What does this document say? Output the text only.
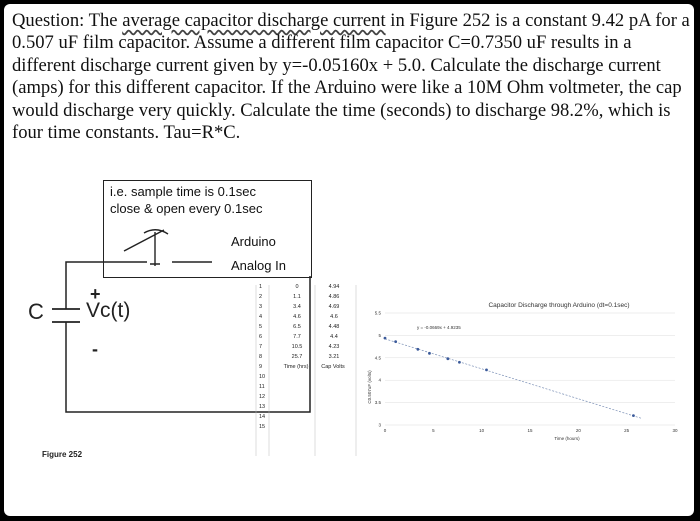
Question: The average capacitor discharge current in Figure 252 is a constant 9.42 pA for a 0.507 uF film capacitor. Assume a different film capacitor C=0.7350 uF results in a different discharge current given by y=-0.05160x + 5.0. Calculate the discharge current (amps) for this different capacitor. If the Arduino were like a 10M Ohm voltmeter, the cap would discharge very quickly. Calculate the time (seconds) to discharge 98.2%, which is four time constants. Tau=R*C.
i.e. sample time is 0.1sec
close & open every 0.1sec
Arduino
Analog In
C Vc(t)
+
-
Figure 252
1	0	4.94
2	1.1	4.86
3	3.4	4.69
4	4.6	4.6
5	6.5	4.48
6	7.7	4.4
7	10.5	4.23
8	25.7	3.21
9	Time (hrs)	Cap Volts
10
11
12
13
14
15
Capacitor Discharge through Arduino (dt=0.1sec)
y = -0.0669x + 4.9235
C0.507uF (volts)
Time (hours)
5.5
5
4.5
4
3.5
3
0	5	10	15	20	25	30
